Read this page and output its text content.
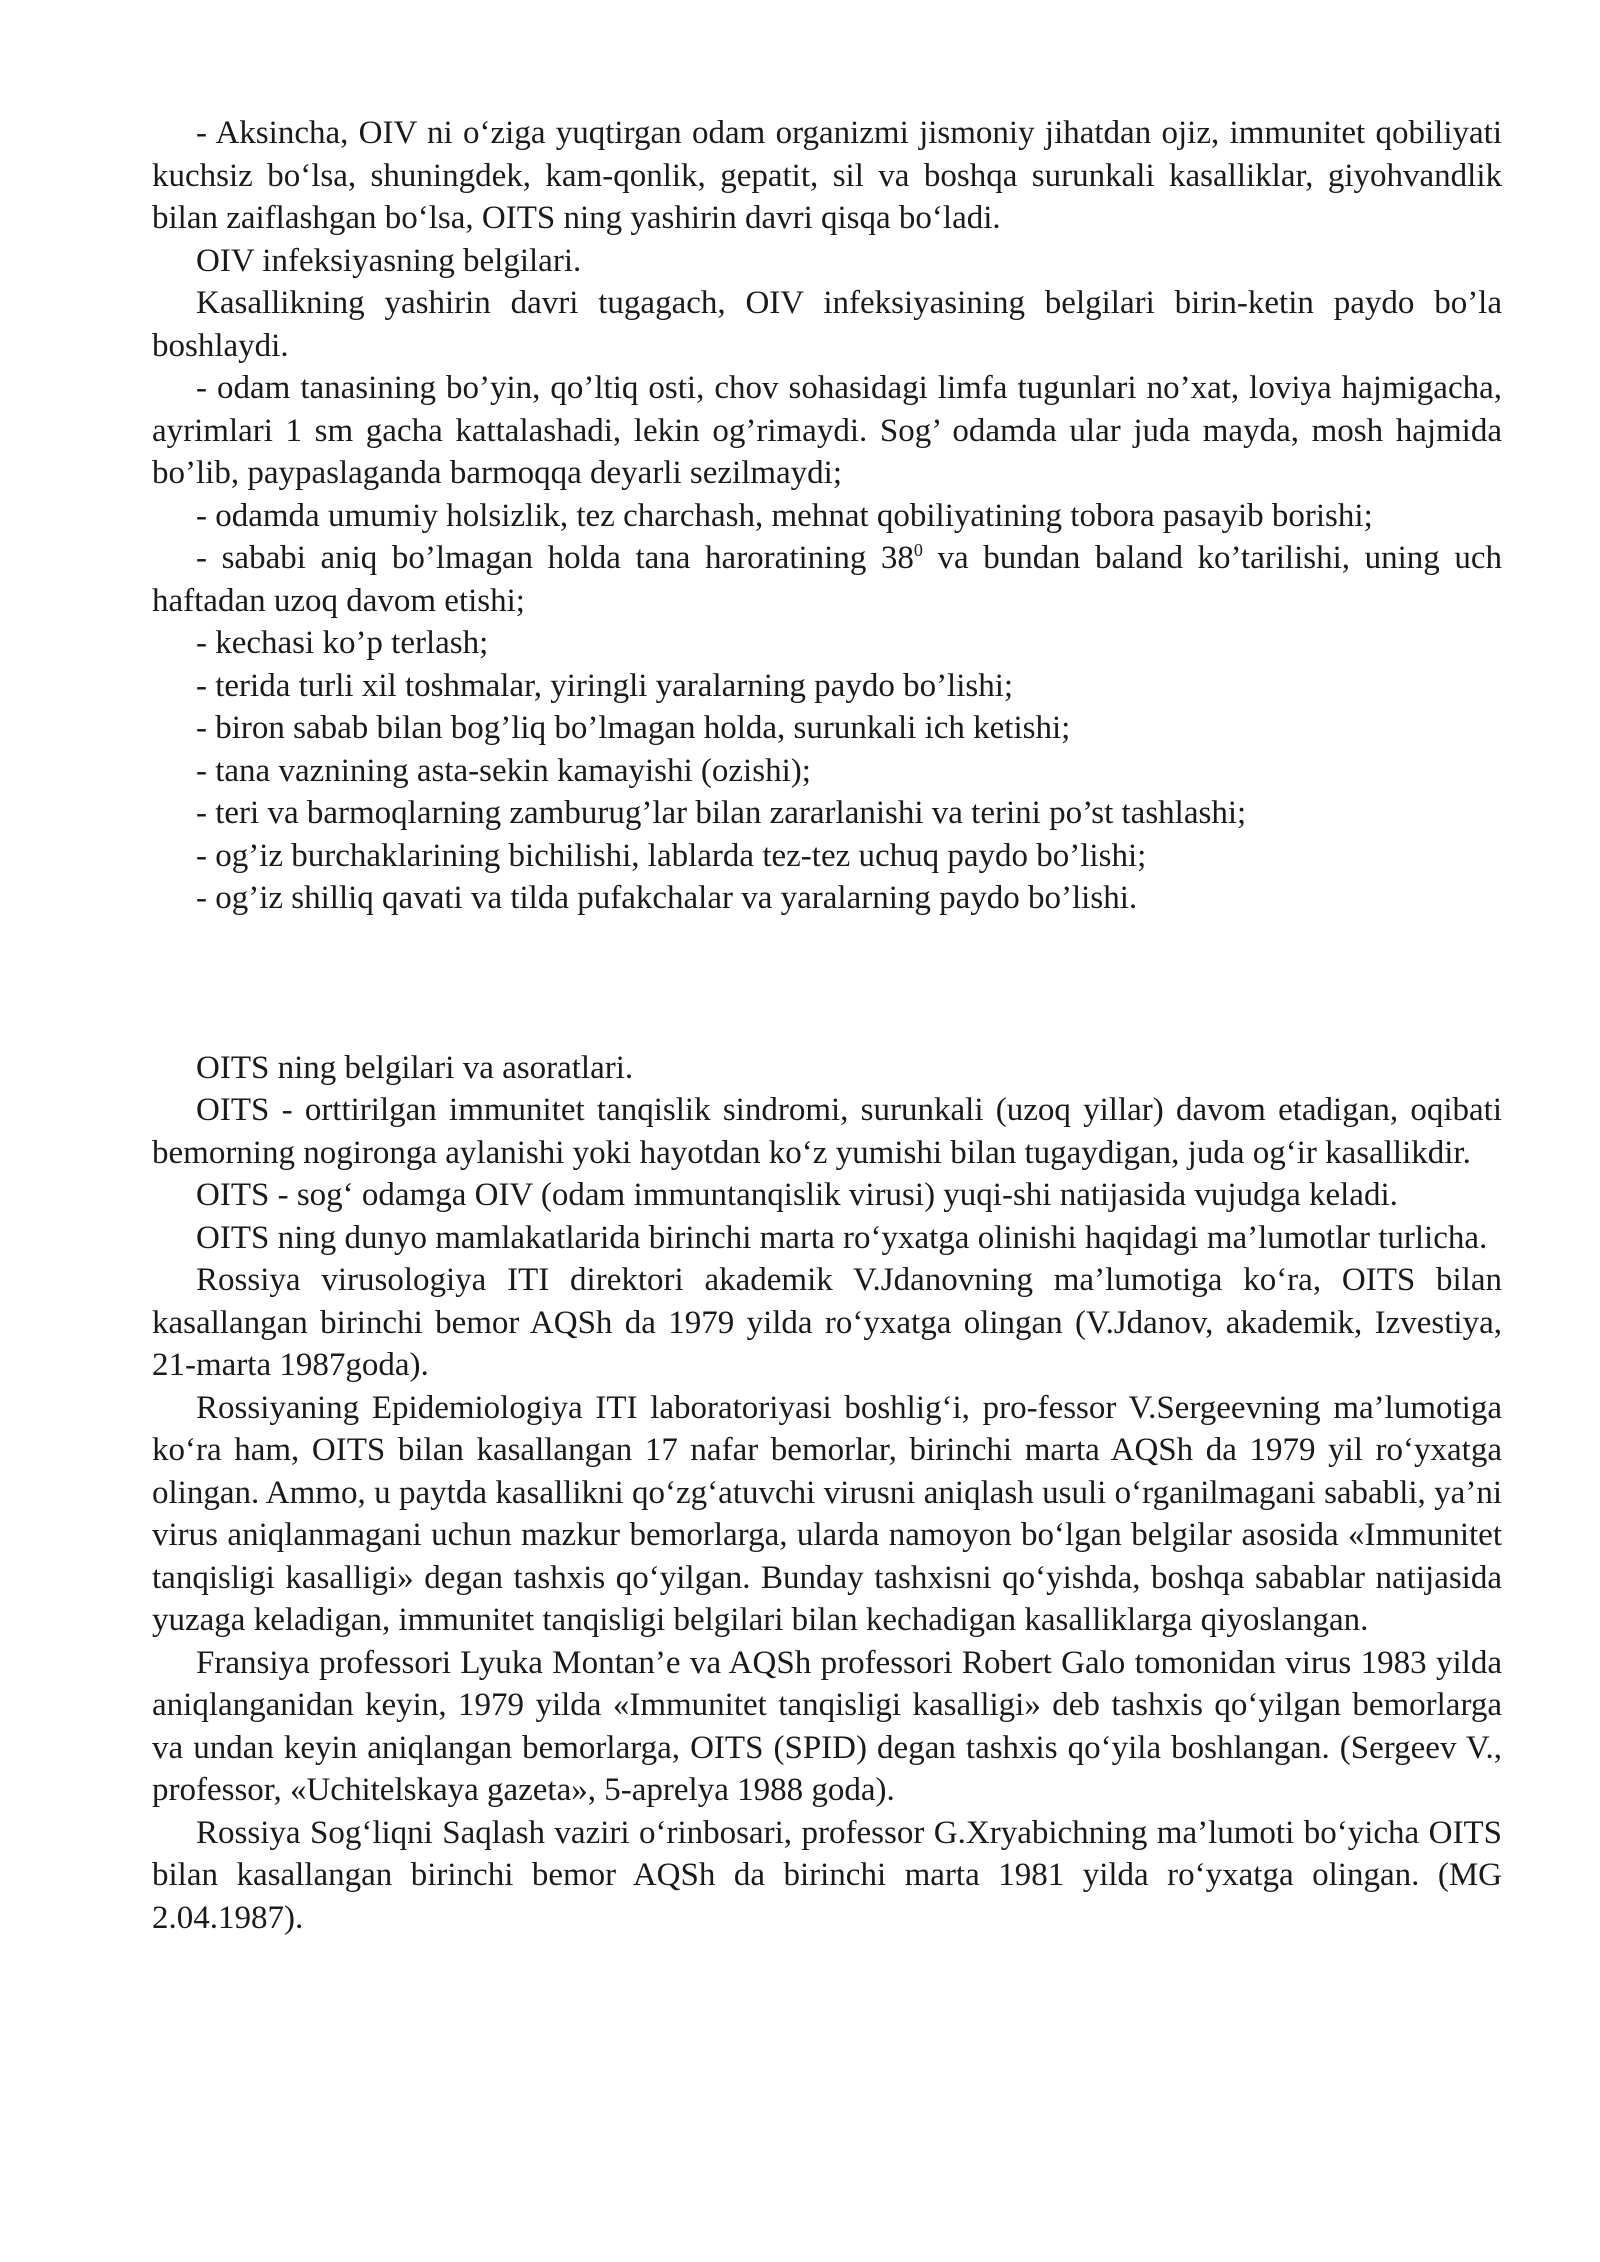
- Aksincha, OIV ni o‘ziga yuqtirgan odam organizmi jismoniy jihatdan ojiz, immunitet qobiliyati kuchsiz bo‘lsa, shuningdek, kam-qonlik, gepatit, sil va boshqa surunkali kasalliklar, giyohvandlik bilan zaiflashgan bo‘lsa, OITS ning yashirin davri qisqa bo‘ladi.

OIV infeksiyasning belgilari.

Kasallikning yashirin davri tugagach, OIV infeksiyasining belgilari birin-ketin paydo bo’la boshlaydi.

- odam tanasining bo’yin, qo’ltiq osti, chov sohasidagi limfa tugunlari no’xat, loviya hajmigacha, ayrimlari 1 sm gacha kattalashadi, lekin og’rimaydi. Sog’ odamda ular juda mayda, mosh hajmida bo’lib, paypaslaganda barmoqqa deyarli sezilmaydi;

- odamda umumiy holsizlik, tez charchash, mehnat qobiliyatining tobora pasayib borishi;

- sababi aniq bo’lmagan holda tana haroratining $38^0$ va bundan baland ko’tarilishi, uning uch haftadan uzoq davom etishi;

- kechasi ko’p terlash;

- terida turli xil toshmalar, yiringli yaralarning paydo bo’lishi;

- biron sabab bilan bog’liq bo’lmagan holda, surunkali ich ketishi;

- tana vaznining asta-sekin kamayishi (ozishi);

- teri va barmoqlarning zamburug’lar bilan zararlanishi va terini po’st tashlashi;

- og’iz burchaklarining bichilishi, lablarda tez-tez uchuq paydo bo’lishi;

- og’iz shilliq qavati va tilda pufakchalar va yaralarning paydo bo’lishi.

OITS ning belgilari va asoratlari.

OITS - orttirilgan immunitet tanqislik sindromi, surunkali (uzoq yillar) davom etadigan, oqibati bemorning nogironga aylanishi yoki hayotdan ko‘z yumishi bilan tugaydigan, juda og‘ir kasallikdir.

OITS - sog‘ odamga OIV (odam immuntanqislik virusi) yuqi-shi natijasida vujudga keladi.

OITS ning dunyo mamlakatlarida birinchi marta ro‘yxatga olinishi haqidagi ma’lumotlar turlicha.

Rossiya virusologiya ITI direktori akademik V.Jdanovning ma’lumotiga ko‘ra, OITS bilan kasallangan birinchi bemor AQSh da 1979 yilda ro‘yxatga olingan (V.Jdanov, akademik, Izvestiya, 21-marta 1987goda).

Rossiyaning Epidemiologiya ITI laboratoriyasi boshlig‘i, pro-fessor V.Sergeevning ma’lumotiga ko‘ra ham, OITS bilan kasallangan 17 nafar bemorlar, birinchi marta AQSh da 1979 yil ro‘yxatga olingan. Ammo, u paytda kasallikni qo‘zg‘atuvchi virusni aniqlash usuli o‘rganilmagani sababli, ya’ni virus aniqlanmagani uchun mazkur bemorlarga, ularda namoyon bo‘lgan belgilar asosida «Immunitet tanqisligi kasalligi» degan tashxis qo‘yilgan. Bunday tashxisni qo‘yishda, boshqa sabablar natijasida yuzaga keladigan, immunitet tanqisligi belgilari bilan kechadigan kasalliklarga qiyoslangan.

Fransiya professori Lyuka Montan’e va AQSh professori Robert Galo tomonidan virus 1983 yilda aniqlanganidan keyin, 1979 yilda «Immunitet tanqisligi kasalligi» deb tashxis qo‘yilgan bemorlarga va undan keyin aniqlangan bemorlarga, OITS (SPID) degan tashxis qo‘yila boshlangan. (Sergeev V., professor, «Uchitelskaya gazeta», 5-aprelya 1988 goda).

Rossiya Sog‘liqni Saqlash vaziri o‘rinbosari, professor G.Xryabichning ma’lumoti bo‘yicha OITS bilan kasallangan birinchi bemor AQSh da birinchi marta 1981 yilda ro‘yxatga olingan. (MG 2.04.1987).
